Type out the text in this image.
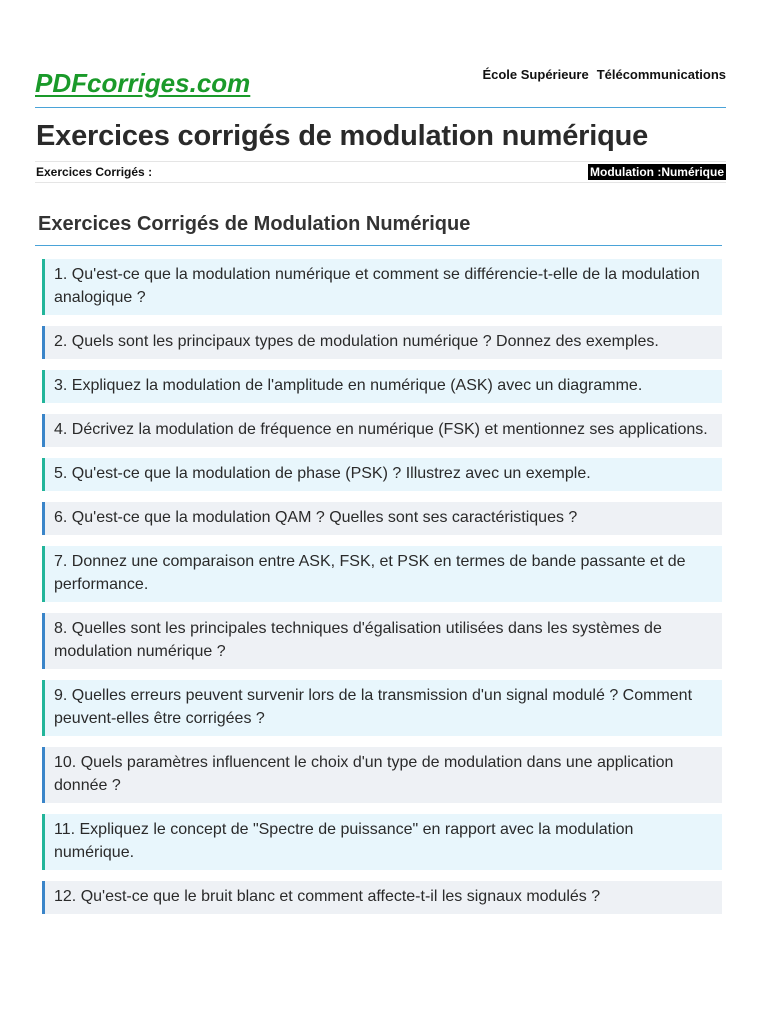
PDFcorriges.com	École Supérieure Télécommunications
Exercices corrigés de modulation numérique
Exercices Corrigés :	Modulation :Numérique
Exercices Corrigés de Modulation Numérique
1. Qu'est-ce que la modulation numérique et comment se différencie-t-elle de la modulation analogique ?
2. Quels sont les principaux types de modulation numérique ? Donnez des exemples.
3. Expliquez la modulation de l'amplitude en numérique (ASK) avec un diagramme.
4. Décrivez la modulation de fréquence en numérique (FSK) et mentionnez ses applications.
5. Qu'est-ce que la modulation de phase (PSK) ? Illustrez avec un exemple.
6. Qu'est-ce que la modulation QAM ? Quelles sont ses caractéristiques ?
7. Donnez une comparaison entre ASK, FSK, et PSK en termes de bande passante et de performance.
8. Quelles sont les principales techniques d'égalisation utilisées dans les systèmes de modulation numérique ?
9. Quelles erreurs peuvent survenir lors de la transmission d'un signal modulé ? Comment peuvent-elles être corrigées ?
10. Quels paramètres influencent le choix d'un type de modulation dans une application donnée ?
11. Expliquez le concept de "Spectre de puissance" en rapport avec la modulation numérique.
12. Qu'est-ce que le bruit blanc et comment affecte-t-il les signaux modulés ?
